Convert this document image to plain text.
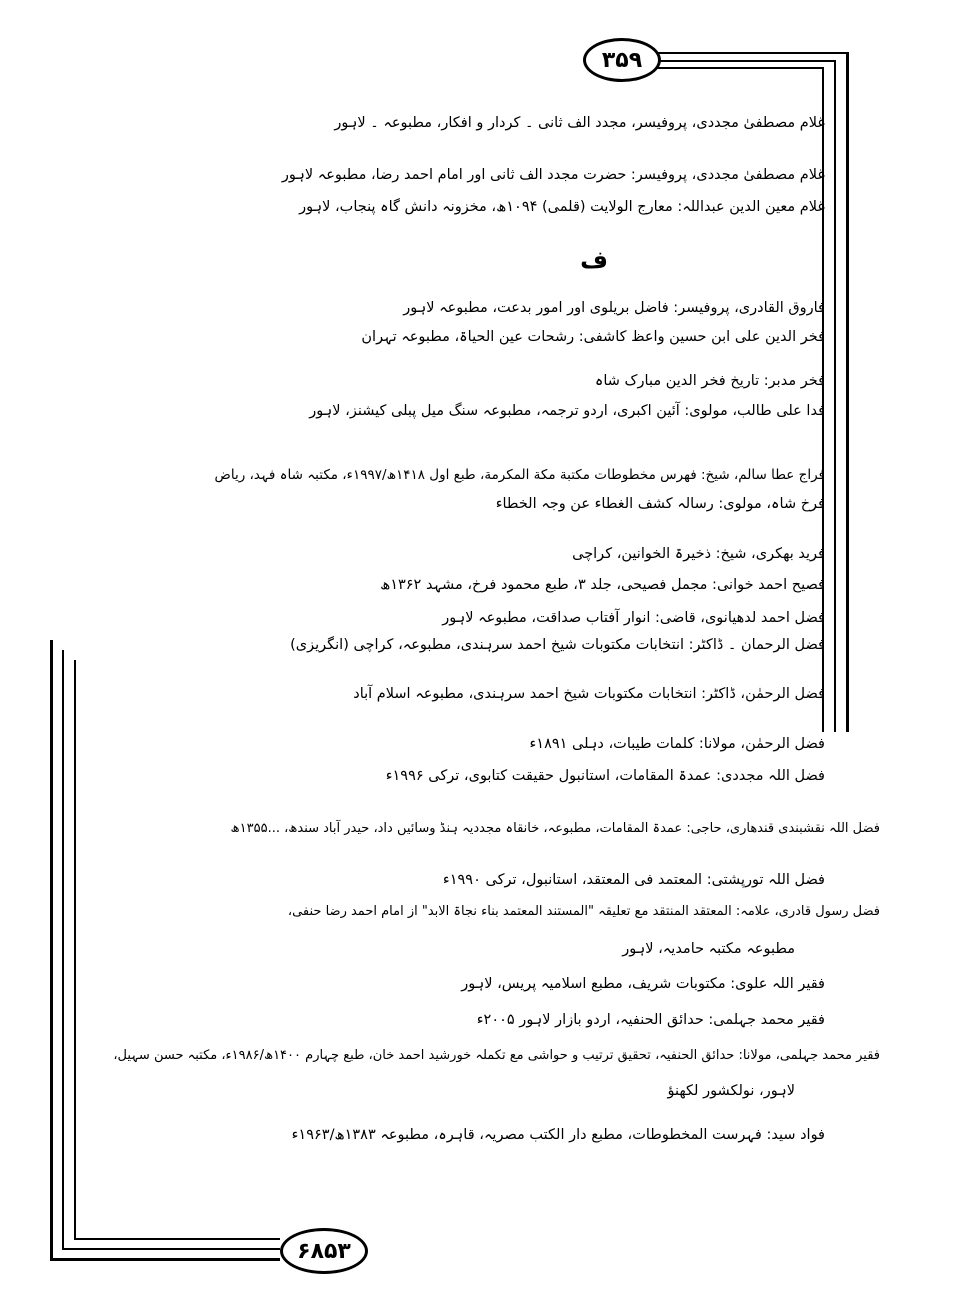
۳۵۹
۶۸۵۳
ف
غلام مصطفیٰ مجددی، پروفیسر، مجدد الف ثانی ۔ کردار و افکار، مطبوعہ ۔ لاہور
غلام مصطفیٰ مجددی، پروفیسر: حضرت مجدد الف ثانی اور امام احمد رضا، مطبوعہ لاہور
غلام معین الدین عبداللہ: معارج الولایت (قلمی) ۱۰۹۴ھ، مخزونہ دانش گاہ پنجاب، لاہور
فاروق القادری، پروفیسر: فاضل بریلوی اور امور بدعت، مطبوعہ لاہور
فخر الدین علی ابن حسین واعظ کاشفی: رشحات عین الحیاۃ، مطبوعہ تہران
فخر مدبر: تاریخ فخر الدین مبارک شاہ
فدا علی طالب، مولوی: آئین اکبری، اردو ترجمہ، مطبوعہ سنگ میل پبلی کیشنز، لاہور
فراج عطا سالم، شیخ: فهرس مخطوطات مكتبة مكة المكرمة، طبع اول ۱۴۱۸ھ/۱۹۹۷ء، مکتبہ شاہ فہد، ریاض
فرخ شاہ، مولوی: رسالہ کشف الغطاء عن وجہ الخطاء
فرید بھکری، شیخ: ذخیرۃ الخوانین، کراچی
فصیح احمد خوانی: مجمل فصیحی، جلد ۳، طبع محمود فرخ، مشہد ۱۳۶۲ھ
فضل احمد لدھیانوی، قاضی: انوار آفتاب صداقت، مطبوعہ لاہور
فضل الرحمان ۔ ڈاکٹر: انتخابات مکتوبات شیخ احمد سرہندی، مطبوعہ، کراچی (انگریزی)
فضل الرحمٰن، ڈاکٹر: انتخابات مکتوبات شیخ احمد سرہندی، مطبوعہ اسلام آباد
فضل الرحمٰن، مولانا: کلمات طیبات، دہلی ۱۸۹۱ء
فضل اللہ مجددی: عمدۃ المقامات، استانبول حقیقت کتابوی، ترکی ۱۹۹۶ء
فضل اللہ نقشبندی قندھاری، حاجی: عمدۃ المقامات، مطبوعہ، خانقاہ مجددیہ ہنڈ وسائیں داد، حیدر آباد سندھ، ...۱۳۵۵ھ
فضل اللہ تورپشتی: المعتمد فی المعتقد، استانبول، ترکی ۱۹۹۰ء
فضل رسول قادری، علامہ: المعتقد المنتقد مع تعلیقہ "المستند المعتمد بناء نجاۃ الابد" از امام احمد رضا حنفی،
مطبوعہ مکتبہ حامدیہ، لاہور
فقیر اللہ علوی: مکتوبات شریف، مطبع اسلامیہ پریس، لاہور
فقیر محمد جہلمی: حدائق الحنفیہ، اردو بازار لاہور ۲۰۰۵ء
فقیر محمد جہلمی، مولانا: حدائق الحنفیہ، تحقیق ترتیب و حواشی مع تکملہ خورشید احمد خان، طبع چہارم ۱۴۰۰ھ/۱۹۸۶ء، مکتبہ حسن سہیل،
لاہور، نولکشور لکھنؤ
فواد سید: فہرست المخطوطات، مطبع دار الکتب مصریہ، قاہرہ، مطبوعہ ۱۳۸۳ھ/۱۹۶۳ء
